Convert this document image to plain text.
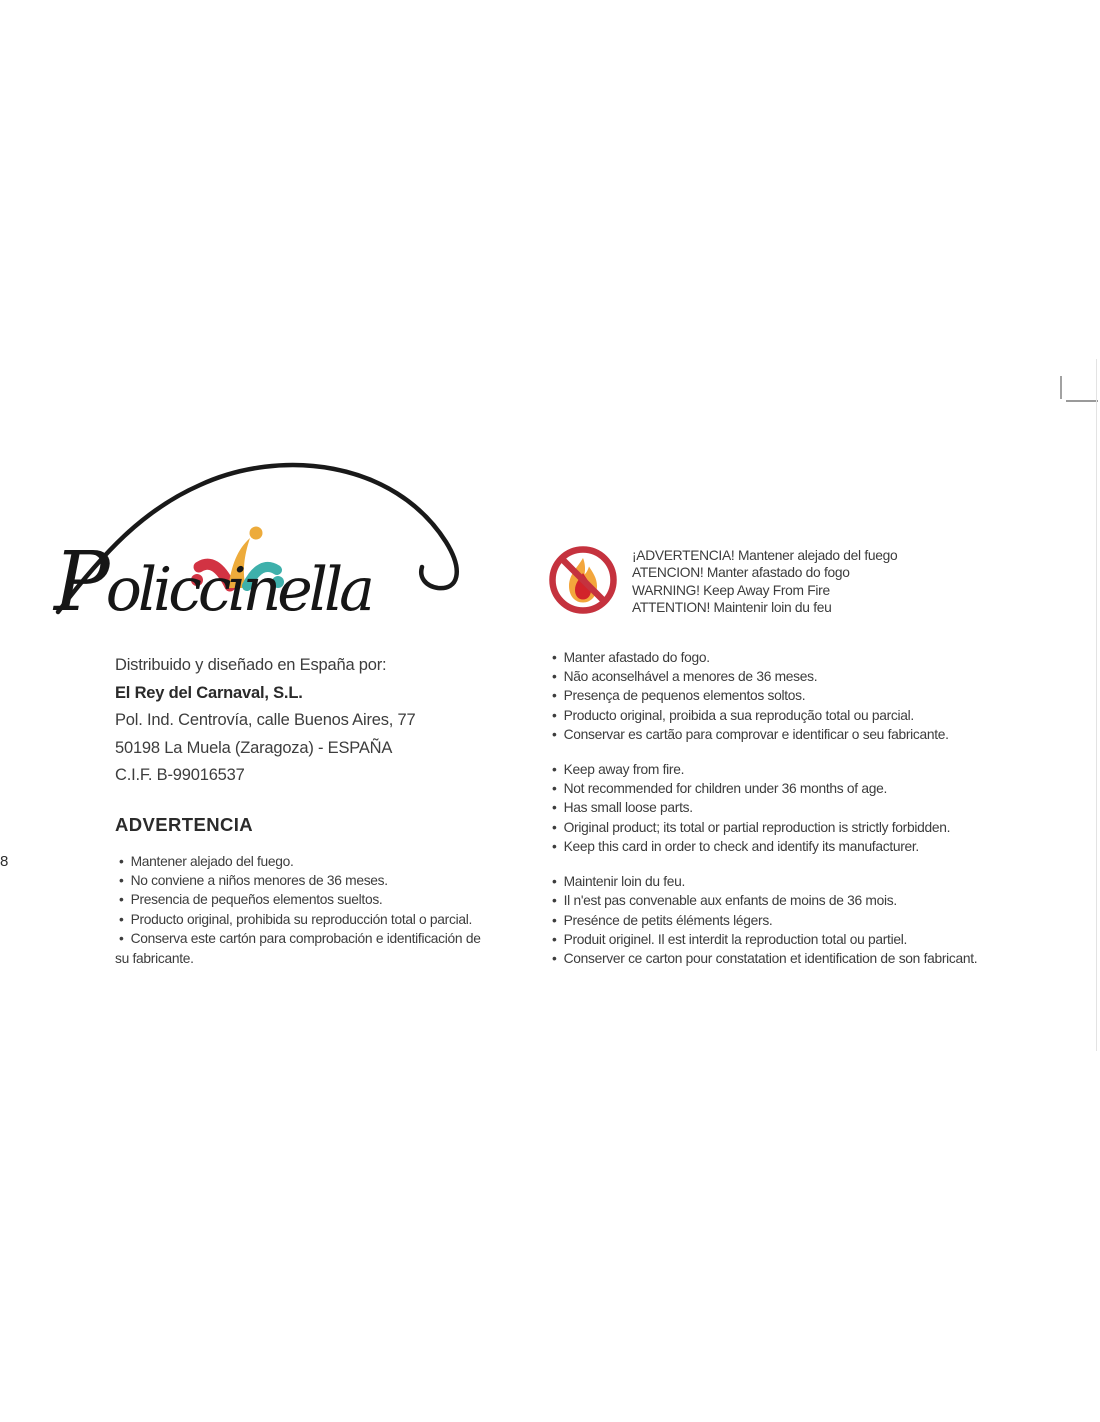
8
Policcinella
Distribuido y diseñado en España por:
El Rey del Carnaval, S.L.
Pol. Ind. Centrovía, calle Buenos Aires, 77
50198 La Muela (Zaragoza) - ESPAÑA
C.I.F. B-99016537
ADVERTENCIA
•  Mantener alejado del fuego.
•  No conviene a niños menores de 36 meses.
•  Presencia de pequeños elementos sueltos.
•  Producto original, prohibida su reproducción total o parcial.
•  Conserva este cartón para comprobación e identificación de su fabricante.
¡ADVERTENCIA! Mantener alejado del fuego
ATENCION! Manter afastado do fogo
WARNING! Keep Away From Fire
ATTENTION! Maintenir loin du feu
•  Manter afastado do fogo.
•  Não aconselhável a menores de 36 meses.
•  Presença de pequenos elementos soltos.
•  Producto original, proibida a sua reprodução total ou parcial.
•  Conservar es cartão para comprovar e identificar o seu fabricante.
•  Keep away from fire.
•  Not recommended for children under 36 months of age.
•  Has small loose parts.
•  Original product; its total or partial reproduction is strictly forbidden.
•  Keep this card in order to check and identify its manufacturer.
•  Maintenir loin du feu.
•  Il n'est pas convenable aux enfants de moins de 36 mois.
•  Presénce de petits éléments légers.
•  Produit originel. Il est interdit la reproduction total ou partiel.
•  Conserver ce carton pour constatation et identification de son fabricant.
